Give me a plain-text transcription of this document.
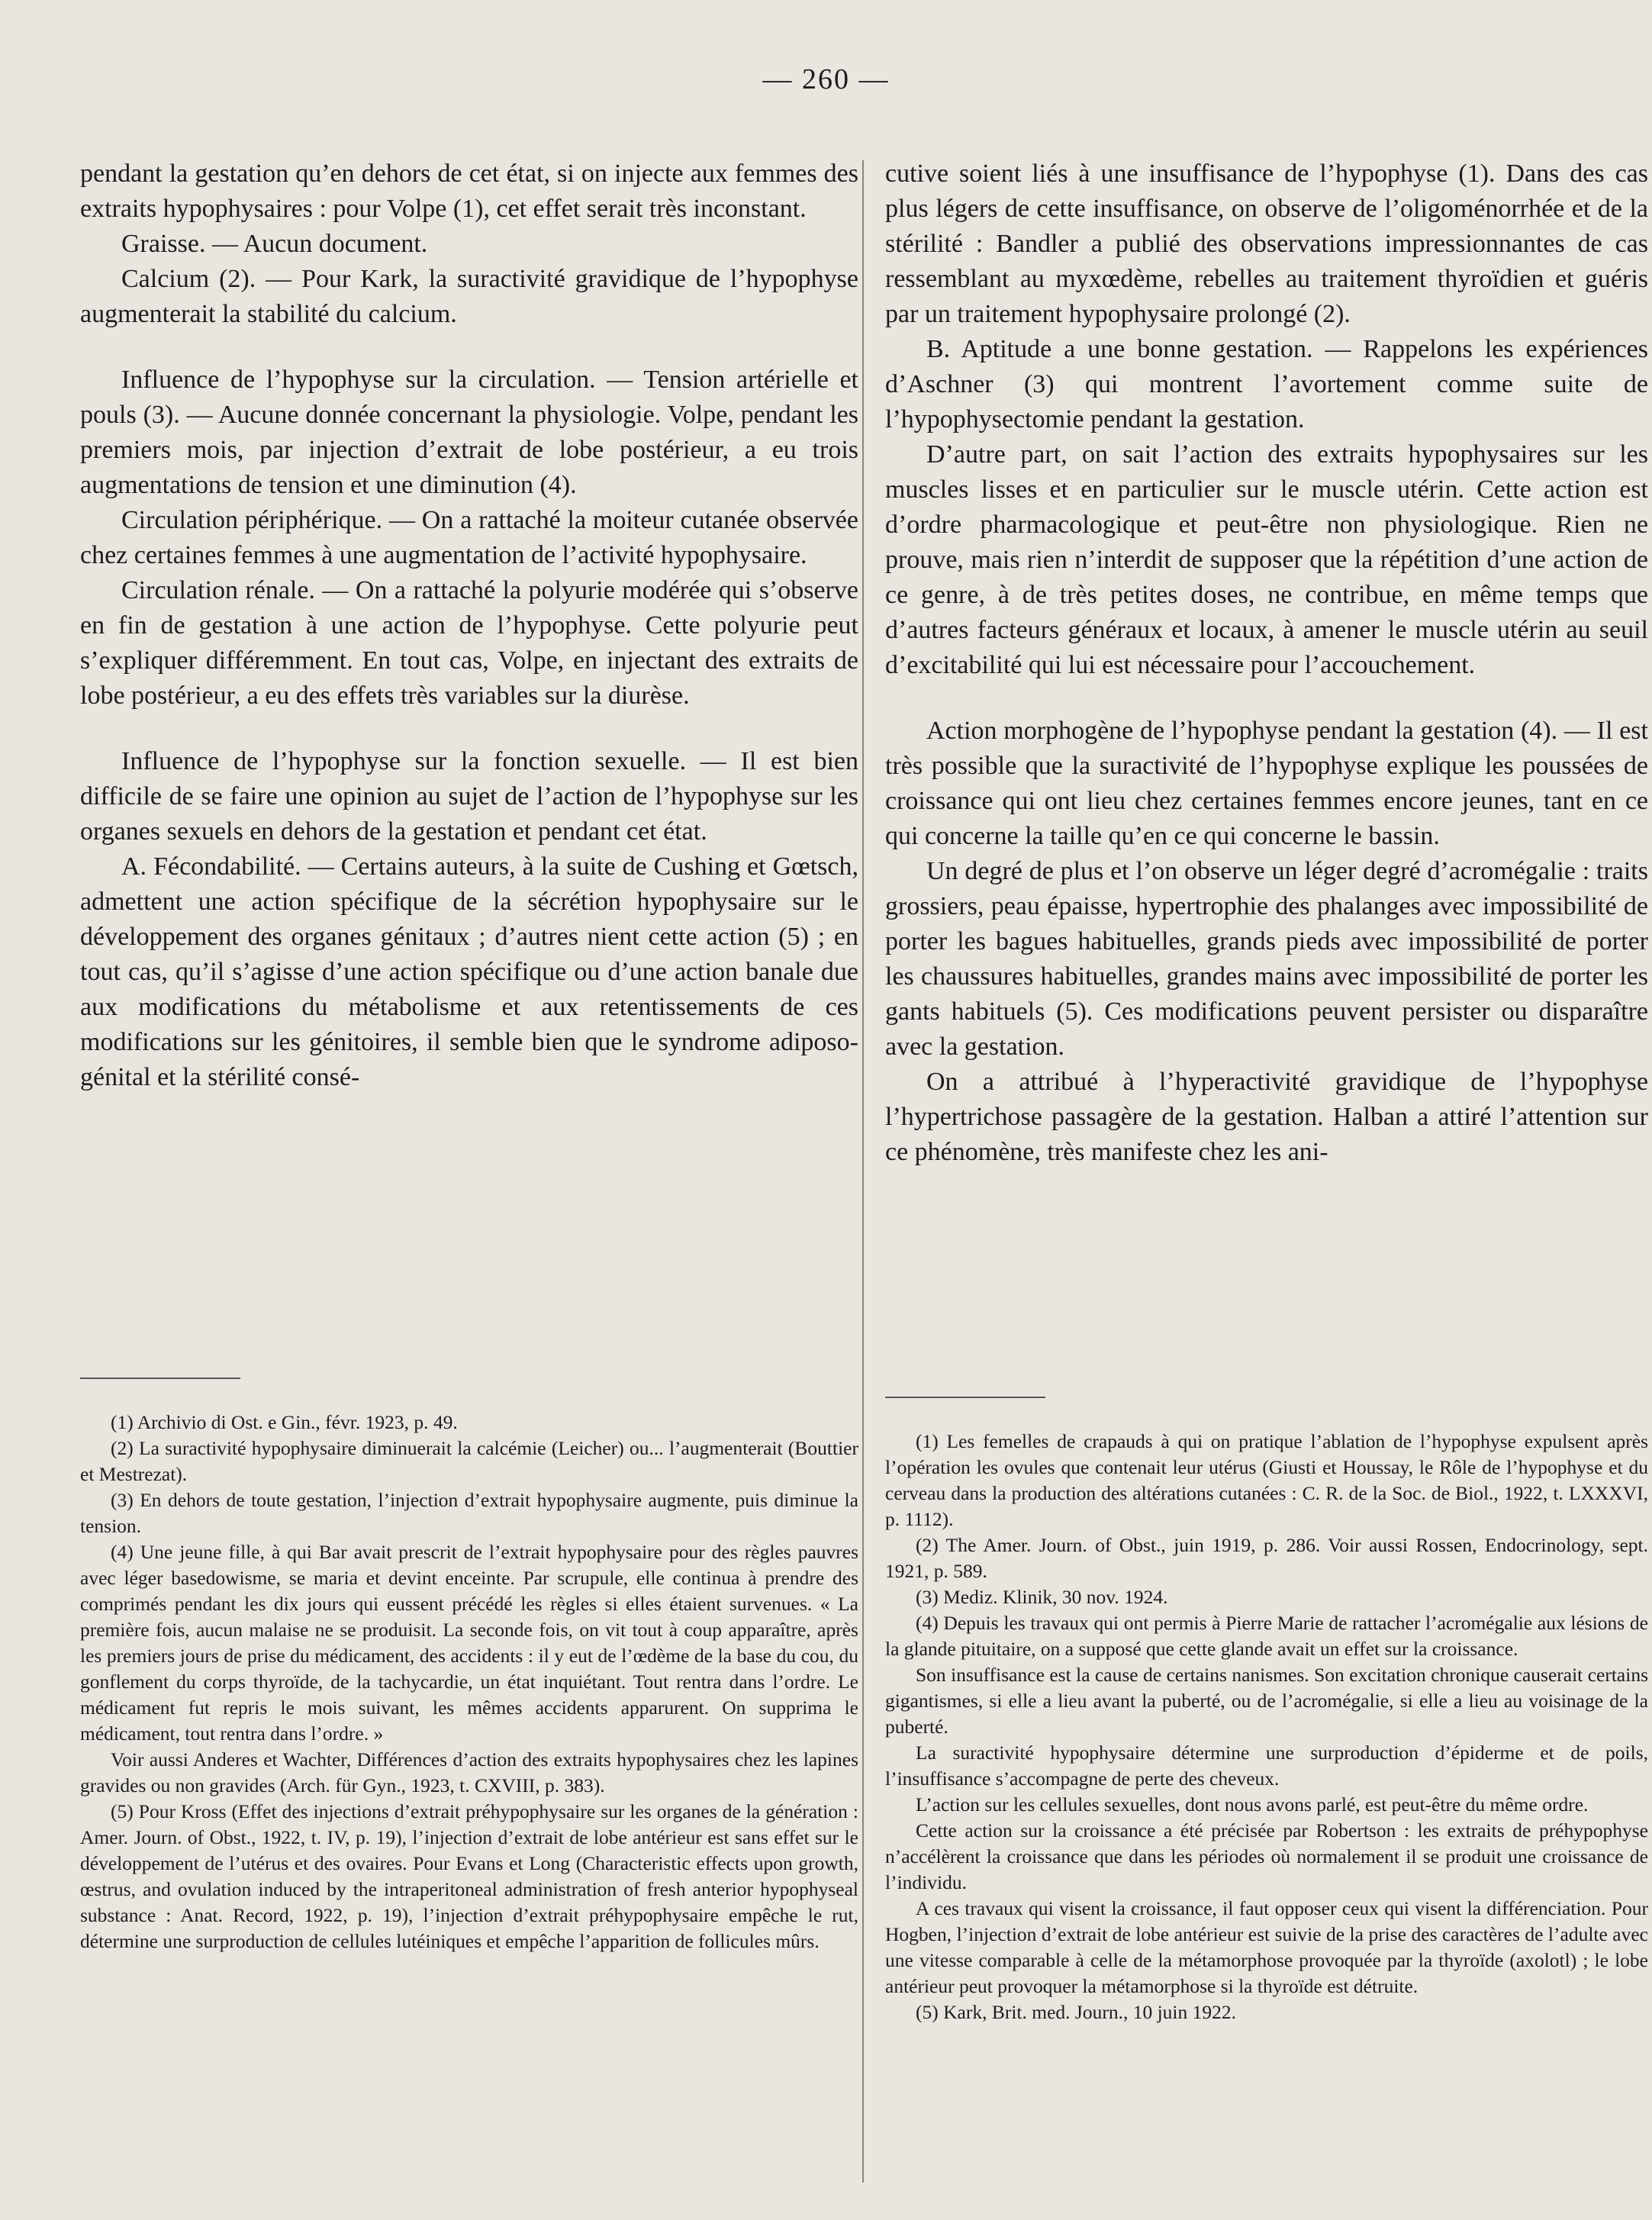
— 260 —

pendant la gestation qu’en dehors de cet état, si on injecte aux femmes des extraits hypophysaires : pour Volpe (1), cet effet serait très inconstant.

Graisse. — Aucun document.

Calcium (2). — Pour Kark, la suractivité gravidique de l’hypophyse augmenterait la stabilité du calcium.

Influence de l’hypophyse sur la circulation. — Tension artérielle et pouls (3). — Aucune donnée concernant la physiologie. Volpe, pendant les premiers mois, par injection d’extrait de lobe postérieur, a eu trois augmentations de tension et une diminution (4).

Circulation périphérique. — On a rattaché la moiteur cutanée observée chez certaines femmes à une augmentation de l’activité hypophysaire.

Circulation rénale. — On a rattaché la polyurie modérée qui s’observe en fin de gestation à une action de l’hypophyse. Cette polyurie peut s’expliquer différemment. En tout cas, Volpe, en injectant des extraits de lobe postérieur, a eu des effets très variables sur la diurèse.

Influence de l’hypophyse sur la fonction sexuelle. — Il est bien difficile de se faire une opinion au sujet de l’action de l’hypophyse sur les organes sexuels en dehors de la gestation et pendant cet état.

A. Fécondabilité. — Certains auteurs, à la suite de Cushing et Gœtsch, admettent une action spécifique de la sécrétion hypophysaire sur le développement des organes génitaux ; d’autres nient cette action (5) ; en tout cas, qu’il s’agisse d’une action spécifique ou d’une action banale due aux modifications du métabolisme et aux retentissements de ces modifications sur les génitoires, il semble bien que le syndrome adiposo-génital et la stérilité consé-

cutive soient liés à une insuffisance de l’hypophyse (1). Dans des cas plus légers de cette insuffisance, on observe de l’oligoménorrhée et de la stérilité : Bandler a publié des observations impressionnantes de cas ressemblant au myxœdème, rebelles au traitement thyroïdien et guéris par un traitement hypophysaire prolongé (2).

B. Aptitude a une bonne gestation. — Rappelons les expériences d’Aschner (3) qui montrent l’avortement comme suite de l’hypophysectomie pendant la gestation.

D’autre part, on sait l’action des extraits hypophysaires sur les muscles lisses et en particulier sur le muscle utérin. Cette action est d’ordre pharmacologique et peut-être non physiologique. Rien ne prouve, mais rien n’interdit de supposer que la répétition d’une action de ce genre, à de très petites doses, ne contribue, en même temps que d’autres facteurs généraux et locaux, à amener le muscle utérin au seuil d’excitabilité qui lui est nécessaire pour l’accouchement.

Action morphogène de l’hypophyse pendant la gestation (4). — Il est très possible que la suractivité de l’hypophyse explique les poussées de croissance qui ont lieu chez certaines femmes encore jeunes, tant en ce qui concerne la taille qu’en ce qui concerne le bassin.

Un degré de plus et l’on observe un léger degré d’acromégalie : traits grossiers, peau épaisse, hypertrophie des phalanges avec impossibilité de porter les bagues habituelles, grands pieds avec impossibilité de porter les chaussures habituelles, grandes mains avec impossibilité de porter les gants habituels (5). Ces modifications peuvent persister ou disparaître avec la gestation.

On a attribué à l’hyperactivité gravidique de l’hypophyse l’hypertrichose passagère de la gestation. Halban a attiré l’attention sur ce phénomène, très manifeste chez les ani-

(1) Archivio di Ost. e Gin., févr. 1923, p. 49.

(2) La suractivité hypophysaire diminuerait la calcémie (Leicher) ou... l’augmenterait (Bouttier et Mestrezat).

(3) En dehors de toute gestation, l’injection d’extrait hypophysaire augmente, puis diminue la tension.

(4) Une jeune fille, à qui Bar avait prescrit de l’extrait hypophysaire pour des règles pauvres avec léger basedowisme, se maria et devint enceinte. Par scrupule, elle continua à prendre des comprimés pendant les dix jours qui eussent précédé les règles si elles étaient survenues. « La première fois, aucun malaise ne se produisit. La seconde fois, on vit tout à coup apparaître, après les premiers jours de prise du médicament, des accidents : il y eut de l’œdème de la base du cou, du gonflement du corps thyroïde, de la tachycardie, un état inquiétant. Tout rentra dans l’ordre. Le médicament fut repris le mois suivant, les mêmes accidents apparurent. On supprima le médicament, tout rentra dans l’ordre. »

Voir aussi Anderes et Wachter, Différences d’action des extraits hypophysaires chez les lapines gravides ou non gravides (Arch. für Gyn., 1923, t. CXVIII, p. 383).

(5) Pour Kross (Effet des injections d’extrait préhypophysaire sur les organes de la génération : Amer. Journ. of Obst., 1922, t. IV, p. 19), l’injection d’extrait de lobe antérieur est sans effet sur le développement de l’utérus et des ovaires. Pour Evans et Long (Characteristic effects upon growth, œstrus, and ovulation induced by the intraperitoneal administration of fresh anterior hypophyseal substance : Anat. Record, 1922, p. 19), l’injection d’extrait préhypophysaire empêche le rut, détermine une surproduction de cellules lutéiniques et empêche l’apparition de follicules mûrs.

(1) Les femelles de crapauds à qui on pratique l’ablation de l’hypophyse expulsent après l’opération les ovules que contenait leur utérus (Giusti et Houssay, le Rôle de l’hypophyse et du cerveau dans la production des altérations cutanées : C. R. de la Soc. de Biol., 1922, t. LXXXVI, p. 1112).

(2) The Amer. Journ. of Obst., juin 1919, p. 286. Voir aussi Rossen, Endocrinology, sept. 1921, p. 589.

(3) Mediz. Klinik, 30 nov. 1924.

(4) Depuis les travaux qui ont permis à Pierre Marie de rattacher l’acromégalie aux lésions de la glande pituitaire, on a supposé que cette glande avait un effet sur la croissance.

Son insuffisance est la cause de certains nanismes. Son excitation chronique causerait certains gigantismes, si elle a lieu avant la puberté, ou de l’acromégalie, si elle a lieu au voisinage de la puberté.

La suractivité hypophysaire détermine une surproduction d’épiderme et de poils, l’insuffisance s’accompagne de perte des cheveux.

L’action sur les cellules sexuelles, dont nous avons parlé, est peut-être du même ordre.

Cette action sur la croissance a été précisée par Robertson : les extraits de préhypophyse n’accélèrent la croissance que dans les périodes où normalement il se produit une croissance de l’individu.

A ces travaux qui visent la croissance, il faut opposer ceux qui visent la différenciation. Pour Hogben, l’injection d’extrait de lobe antérieur est suivie de la prise des caractères de l’adulte avec une vitesse comparable à celle de la métamorphose provoquée par la thyroïde (axolotl) ; le lobe antérieur peut provoquer la métamorphose si la thyroïde est détruite.

(5) Kark, Brit. med. Journ., 10 juin 1922.
